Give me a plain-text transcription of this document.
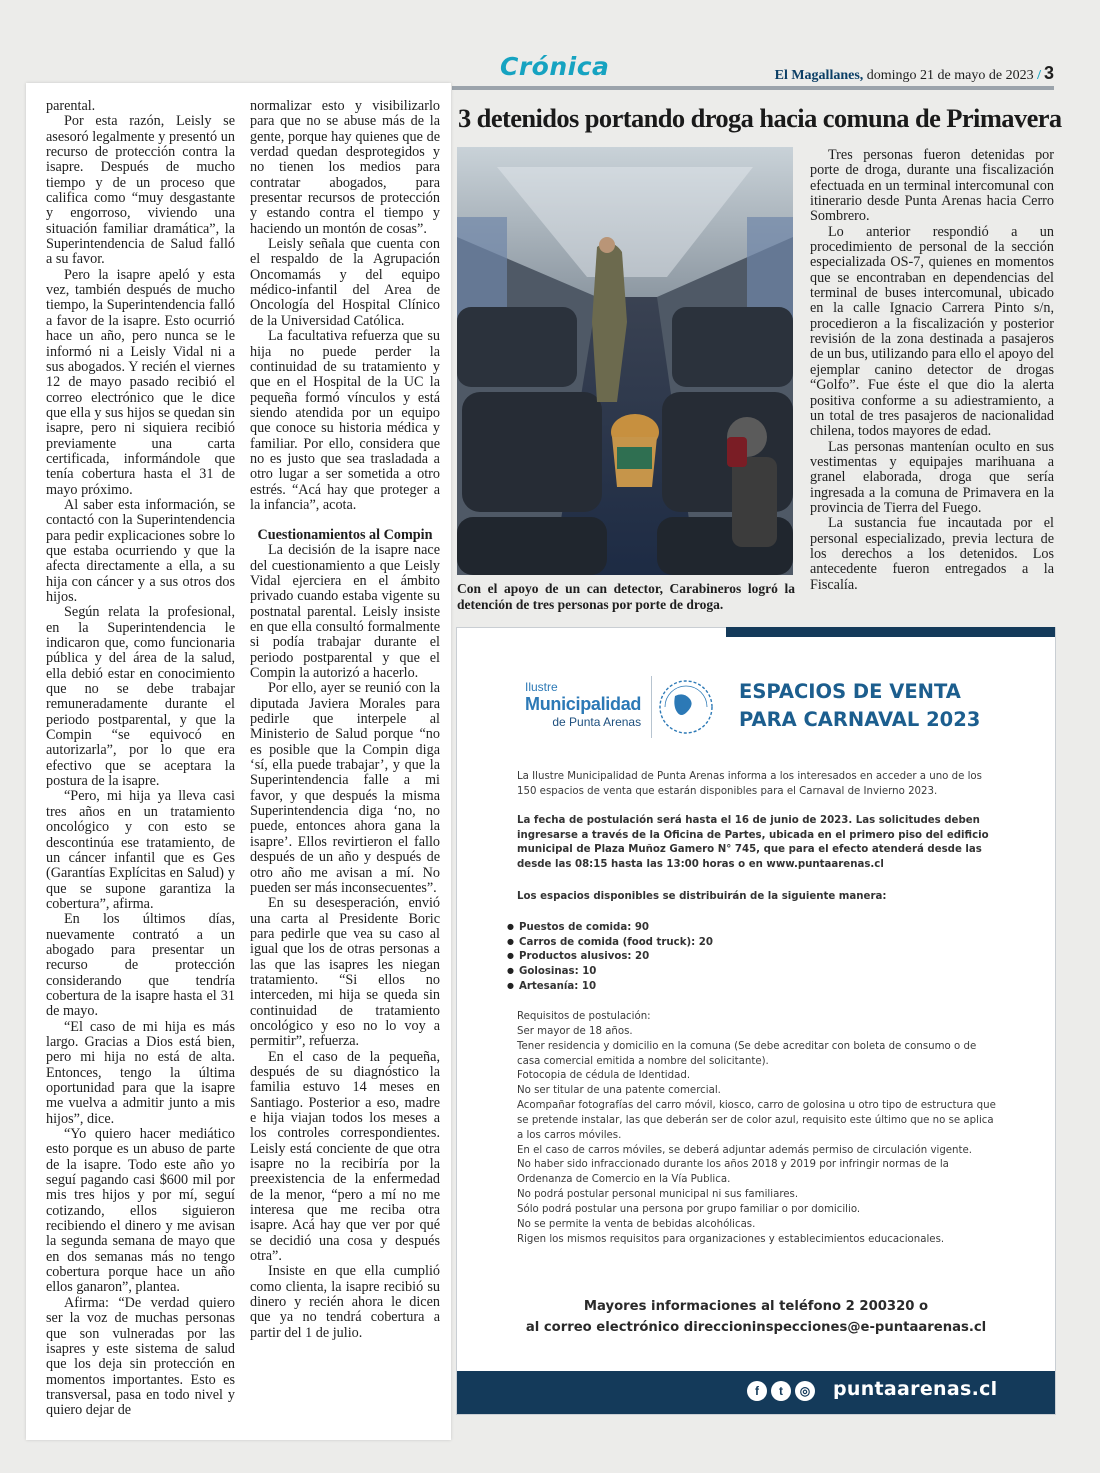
Crónica	El Magallanes, domingo 21 de mayo de 2023 / 3

parental.

Por esta razón, Leisly se asesoró legalmente y presentó un recurso de protección contra la isapre. Después de mucho tiempo y de un proceso que califica como “muy desgastante y engorroso, viviendo una situación familiar dramática”, la Superintendencia de Salud falló a su favor.

Pero la isapre apeló y esta vez, también después de mucho tiempo, la Superintendencia falló a favor de la isapre. Esto ocurrió hace un año, pero nunca se le informó ni a Leisly Vidal ni a sus abogados. Y recién el viernes 12 de mayo pasado recibió el correo electrónico que le dice que ella y sus hijos se quedan sin isapre, pero ni siquiera recibió previamente una carta certificada, informándole que tenía cobertura hasta el 31 de mayo próximo.

Al saber esta información, se contactó con la Superintendencia para pedir explicaciones sobre lo que estaba ocurriendo y que la afecta directamente a ella, a su hija con cáncer y a sus otros dos hijos.

Según relata la profesional, en la Superintendencia le indicaron que, como funcionaria pública y del área de la salud, ella debió estar en conocimiento que no se debe trabajar remuneradamente durante el periodo postparental, y que la Compin “se equivocó en autorizarla”, por lo que era efectivo que se aceptara la postura de la isapre.

“Pero, mi hija ya lleva casi tres años en un tratamiento oncológico y con esto se descontinúa ese tratamiento, de un cáncer infantil que es Ges (Garantías Explícitas en Salud) y que se supone garantiza la cobertura”, afirma.

En los últimos días, nuevamente contrató a un abogado para presentar un recurso de protección considerando que tendría cobertura de la isapre hasta el 31 de mayo.

“El caso de mi hija es más largo. Gracias a Dios está bien, pero mi hija no está de alta. Entonces, tengo la última oportunidad para que la isapre me vuelva a admitir junto a mis hijos”, dice.

“Yo quiero hacer mediático esto porque es un abuso de parte de la isapre. Todo este año yo seguí pagando casi $600 mil por mis tres hijos y por mí, seguí cotizando, ellos siguieron recibiendo el dinero y me avisan la segunda semana de mayo que en dos semanas más no tengo cobertura porque hace un año ellos ganaron”, plantea.

Afirma: “De verdad quiero ser la voz de muchas personas que son vulneradas por las isapres y este sistema de salud que los deja sin protección en momentos importantes. Esto es transversal, pasa en todo nivel y quiero dejar de

normalizar esto y visibilizarlo para que no se abuse más de la gente, porque hay quienes que de verdad quedan desprotegidos y no tienen los medios para contratar abogados, para presentar recursos de protección y estando contra el tiempo y haciendo un montón de cosas”.

Leisly señala que cuenta con el respaldo de la Agrupación Oncomamás y del equipo médico-infantil del Area de Oncología del Hospital Clínico de la Universidad Católica.

La facultativa refuerza que su hija no puede perder la continuidad de su tratamiento y que en el Hospital de la UC la pequeña formó vínculos y está siendo atendida por un equipo que conoce su historia médica y familiar. Por ello, considera que no es justo que sea trasladada a otro lugar a ser sometida a otro estrés. “Acá hay que proteger a la infancia”, acota.

Cuestionamientos al Compin

La decisión de la isapre nace del cuestionamiento a que Leisly Vidal ejerciera en el ámbito privado cuando estaba vigente su postnatal parental. Leisly insiste en que ella consultó formalmente si podía trabajar durante el periodo postparental y que el Compin la autorizó a hacerlo.

Por ello, ayer se reunió con la diputada Javiera Morales para pedirle que interpele al Ministerio de Salud porque “no es posible que la Compin diga ‘sí, ella puede trabajar’, y que la Superintendencia falle a mi favor, y que después la misma Superintendencia diga ‘no, no puede, entonces ahora gana la isapre’. Ellos revirtieron el fallo después de un año y después de otro año me avisan a mí. No pueden ser más inconsecuentes”.

En su desesperación, envió una carta al Presidente Boric para pedirle que vea su caso al igual que los de otras personas a las que las isapres les niegan tratamiento. “Si ellos no interceden, mi hija se queda sin continuidad de tratamiento oncológico y eso no lo voy a permitir”, refuerza.

En el caso de la pequeña, después de su diagnóstico la familia estuvo 14 meses en Santiago. Posterior a eso, madre e hija viajan todos los meses a los controles correspondientes. Leisly está conciente de que otra isapre no la recibiría por la preexistencia de la enfermedad de la menor, “pero a mí no me interesa que me reciba otra isapre. Acá hay que ver por qué se decidió una cosa y después otra”.

Insiste en que ella cumplió como clienta, la isapre recibió su dinero y recién ahora le dicen que ya no tendrá cobertura a partir del 1 de julio.

3 detenidos portando droga hacia comuna de Primavera
Con el apoyo de un can detector, Carabineros logró la detención de tres personas por porte de droga.

Tres personas fueron detenidas por porte de droga, durante una fiscalización efectuada en un terminal intercomunal con itinerario desde Punta Arenas hacia Cerro Sombrero.

Lo anterior respondió a un procedimiento de personal de la sección especializada OS-7, quienes en momentos que se encontraban en dependencias del terminal de buses intercomunal, ubicado en la calle Ignacio Carrera Pinto s/n, procedieron a la fiscalización y posterior revisión de la zona destinada a pasajeros de un bus, utilizando para ello el apoyo del ejemplar canino detector de drogas “Golfo”. Fue éste el que dio la alerta positiva conforme a su adiestramiento, a un total de tres pasajeros de nacionalidad chilena, todos mayores de edad.

Las personas mantenían oculto en sus vestimentas y equipajes marihuana a granel elaborada, droga que sería ingresada a la comuna de Primavera en la provincia de Tierra del Fuego.

La sustancia fue incautada por el personal especializado, previa lectura de los derechos a los detenidos. Los antecedente fueron entregados a la Fiscalía.

Ilustre
Municipalidad
de Punta Arenas
ESPACIOS DE VENTA
PARA CARNAVAL 2023
La Ilustre Municipalidad de Punta Arenas informa a los interesados en acceder a uno de los 150 espacios de venta que estarán disponibles para el Carnaval de Invierno 2023.
La fecha de postulación será hasta el 16 de junio de 2023. Las solicitudes deben ingresarse a través de la Oficina de Partes, ubicada en el primero piso del edificio municipal de Plaza Muñoz Gamero N° 745, que para el efecto atenderá desde las desde las 08:15 hasta las 13:00 horas o en www.puntaarenas.cl
Los espacios disponibles se distribuirán de la siguiente manera:
● Puestos de comida: 90
● Carros de comida (food truck): 20
● Productos alusivos: 20
● Golosinas: 10
● Artesanía: 10
Requisitos de postulación:
Ser mayor de 18 años.
Tener residencia y domicilio en la comuna (Se debe acreditar con boleta de consumo o de casa comercial emitida a nombre del solicitante).
Fotocopia de cédula de Identidad.
No ser titular de una patente comercial.
Acompañar fotografías del carro móvil, kiosco, carro de golosina u otro tipo de estructura que se pretende instalar, las que deberán ser de color azul, requisito este último que no se aplica a los carros móviles.
En el caso de carros móviles, se deberá adjuntar además permiso de circulación vigente.
No haber sido infraccionado durante los años 2018 y 2019 por infringir normas de la Ordenanza de Comercio en la Vía Publica.
No podrá postular personal municipal ni sus familiares.
Sólo podrá postular una persona por grupo familiar o por domicilio.
No se permite la venta de bebidas alcohólicas.
Rigen los mismos requisitos para organizaciones y establecimientos educacionales.
Mayores informaciones al teléfono 2 200320 o
al correo electrónico direccioninspecciones@e-puntaarenas.cl
f	t	◎ puntaarenas.cl
